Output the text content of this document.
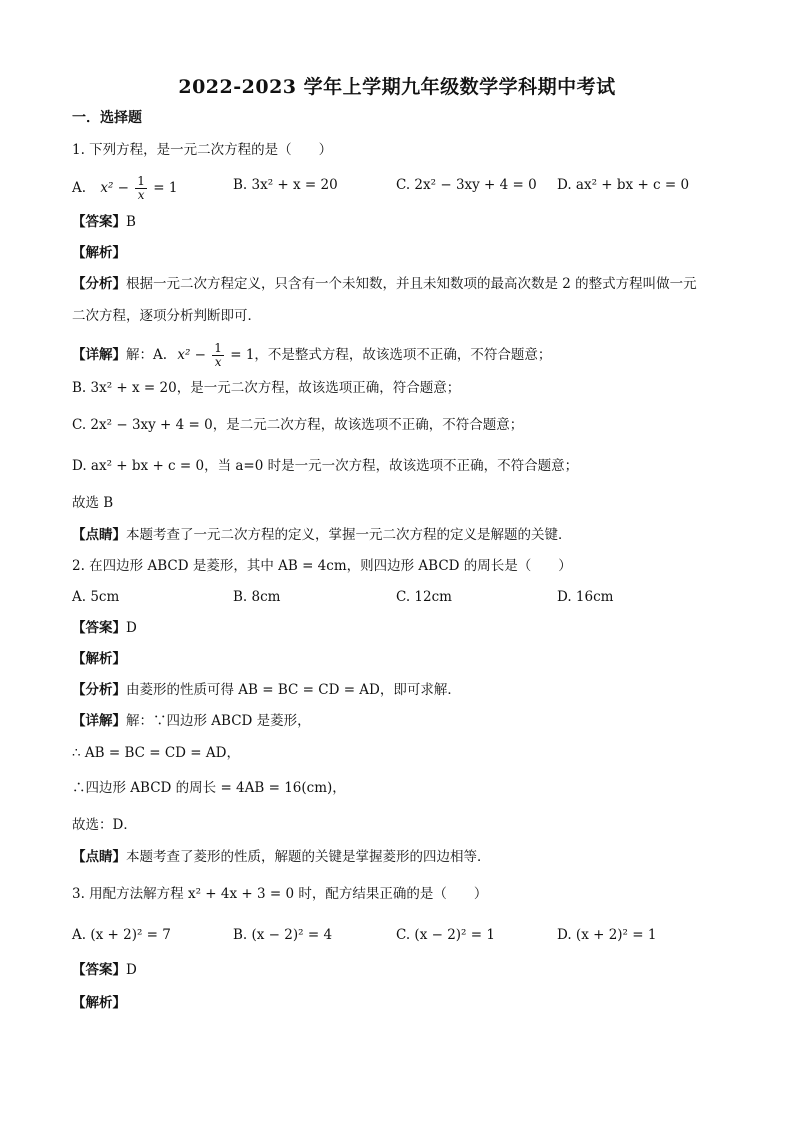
2022-2023 学年上学期九年级数学学科期中考试
一．选择题
1. 下列方程，是一元二次方程的是（　　）
A. $x^2 - \frac{1}{x} = 1$	B. 3x² + x = 20	C. 2x² − 3xy + 4 = 0 D. ax² + bx + c = 0
【答案】B
【解析】
【分析】根据一元二次方程定义，只含有一个未知数，并且未知数项的最高次数是 2 的整式方程叫做一元
二次方程，逐项分析判断即可．
【详解】解：A. $x^2 - \frac{1}{x} = 1$，不是整式方程，故该选项不正确，不符合题意；
B. 3x² + x = 20，是一元二次方程，故该选项正确，符合题意；
C. 2x² − 3xy + 4 = 0，是二元二次方程，故该选项不正确，不符合题意；
D. ax² + bx + c = 0，当 a=0 时是一元一次方程，故该选项不正确，不符合题意；
故选 B
【点睛】本题考查了一元二次方程的定义，掌握一元二次方程的定义是解题的关键．
2. 在四边形 ABCD 是菱形，其中 AB = 4cm，则四边形 ABCD 的周长是（　　）
A. 5cm	B. 8cm	C. 12cm	D. 16cm
【答案】D
【解析】
【分析】由菱形的性质可得 AB = BC = CD = AD，即可求解．
【详解】解：∵四边形 ABCD 是菱形，
∴ AB = BC = CD = AD，
∴四边形 ABCD 的周长 = 4AB = 16(cm)，
故选：D．
【点睛】本题考查了菱形的性质，解题的关键是掌握菱形的四边相等．
3. 用配方法解方程 x² + 4x + 3 = 0 时，配方结果正确的是（　　）
A. (x + 2)² = 7	B. (x − 2)² = 4	C. (x − 2)² = 1	D. (x + 2)² = 1
【答案】D
【解析】
